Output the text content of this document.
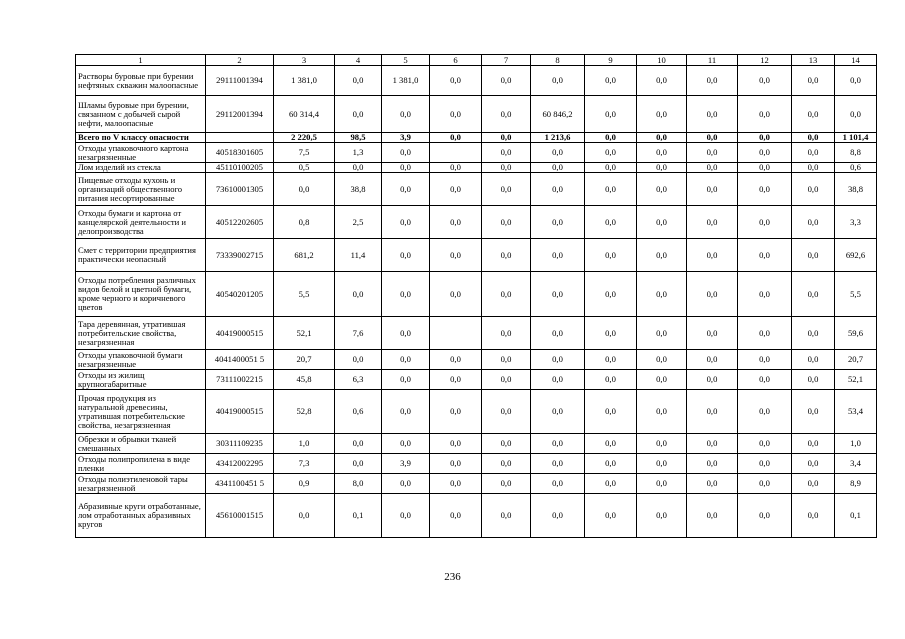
1	2	3	4	5	6	7	8	9	10	11	12	13	14
Растворы буровые при бурении нефтяных скважин малоопасные	29111001394	1 381,0	0,0	1 381,0	0,0	0,0	0,0	0,0	0,0	0,0	0,0	0,0	0,0
Шламы буровые при бурении, связанном с добычей сырой нефти, малоопасные	29112001394	60 314,4	0,0	0,0	0,0	0,0	60 846,2	0,0	0,0	0,0	0,0	0,0	0,0
Всего по V классу опасности		2 220,5	98,5	3,9	0,0	0,0	1 213,6	0,0	0,0	0,0	0,0	0,0	1 101,4
Отходы упаковочного картона незагрязненные	40518301605	7,5	1,3	0,0		0,0	0,0	0,0	0,0	0,0	0,0	0,0	8,8
Лом изделий из стекла	45110100205	0,5	0,0	0,0	0,0	0,0	0,0	0,0	0,0	0,0	0,0	0,0	0,6
Пищевые отходы кухонь и организаций общественного питания несортированные	73610001305	0,0	38,8	0,0	0,0	0,0	0,0	0,0	0,0	0,0	0,0	0,0	38,8
Отходы бумаги и картона от канцелярской деятельности и делопроизводства	40512202605	0,8	2,5	0,0	0,0	0,0	0,0	0,0	0,0	0,0	0,0	0,0	3,3
Смет с территории предприятия практически неопасный	73339002715	681,2	11,4	0,0	0,0	0,0	0,0	0,0	0,0	0,0	0,0	0,0	692,6
Отходы потребления различных видов белой и цветной бумаги, кроме черного и коричневого цветов	40540201205	5,5	0,0	0,0	0,0	0,0	0,0	0,0	0,0	0,0	0,0	0,0	5,5
Тара деревянная, утратившая потребительские свойства, незагрязненная	40419000515	52,1	7,6	0,0		0,0	0,0	0,0	0,0	0,0	0,0	0,0	59,6
Отходы упаковочной бумаги незагрязненные	4041400051 5	20,7	0,0	0,0	0,0	0,0	0,0	0,0	0,0	0,0	0,0	0,0	20,7
Отходы из жилищ крупногабаритные	73111002215	45,8	6,3	0,0	0,0	0,0	0,0	0,0	0,0	0,0	0,0	0,0	52,1
Прочая продукция из натуральной древесины, утратившая потребительские свойства, незагрязненная	40419000515	52,8	0,6	0,0	0,0	0,0	0,0	0,0	0,0	0,0	0,0	0,0	53,4
Обрезки и обрывки тканей смешанных	30311109235	1,0	0,0	0,0	0,0	0,0	0,0	0,0	0,0	0,0	0,0	0,0	1,0
Отходы полипропилена в виде пленки	43412002295	7,3	0,0	3,9	0,0	0,0	0,0	0,0	0,0	0,0	0,0	0,0	3,4
Отходы полиэтиленовой тары незагрязненной	4341100451 5	0,9	8,0	0,0	0,0	0,0	0,0	0,0	0,0	0,0	0,0	0,0	8,9
Абразивные круги отработанные, лом отработанных абразивных кругов	45610001515	0,0	0,1	0,0	0,0	0,0	0,0	0,0	0,0	0,0	0,0	0,0	0,1
236
